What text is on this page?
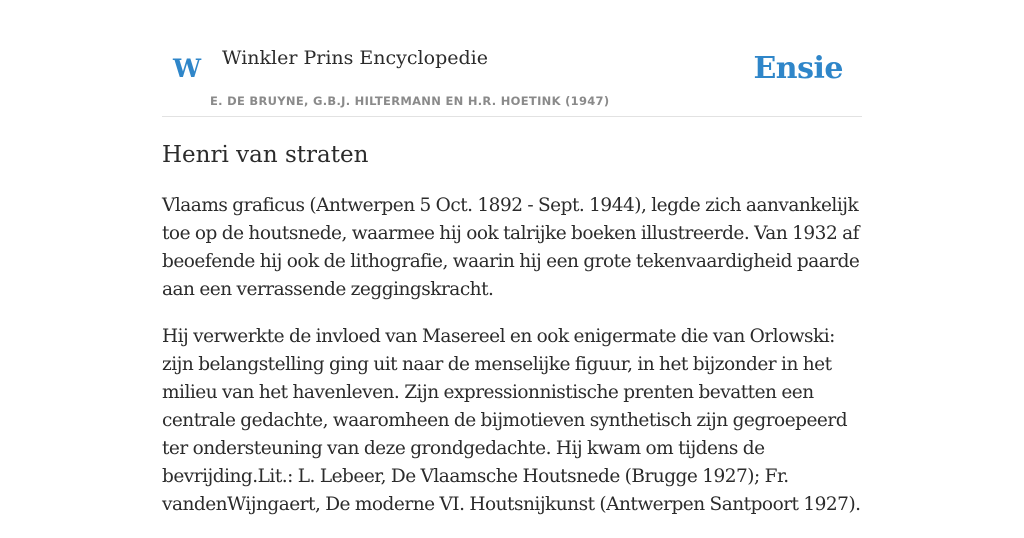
W Winkler Prins Encyclopedie
E. DE BRUYNE, G.B.J. HILTERMANN EN H.R. HOETINK (1947)
Ensie
Henri van straten

Vlaams graficus (Antwerpen 5 Oct. 1892 - Sept. 1944), legde zich aanvankelijk toe op de houtsnede, waarmee hij ook talrijke boeken illustreerde. Van 1932 af beoefende hij ook de lithografie, waarin hij een grote tekenvaardigheid paarde aan een verrassende zeggingskracht.

Hij verwerkte de invloed van Masereel en ook enigermate die van Orlowski: zijn belangstelling ging uit naar de menselijke figuur, in het bijzonder in het milieu van het havenleven. Zijn expressionnistische prenten bevatten een centrale gedachte, waaromheen de bijmotieven synthetisch zijn gegroepeerd ter ondersteuning van deze grondgedachte. Hij kwam om tijdens de bevrijding.Lit.: L. Lebeer, De Vlaamsche Houtsnede (Brugge 1927); Fr. vandenWijngaert, De moderne VI. Houtsnijkunst (Antwerpen Santpoort 1927).
